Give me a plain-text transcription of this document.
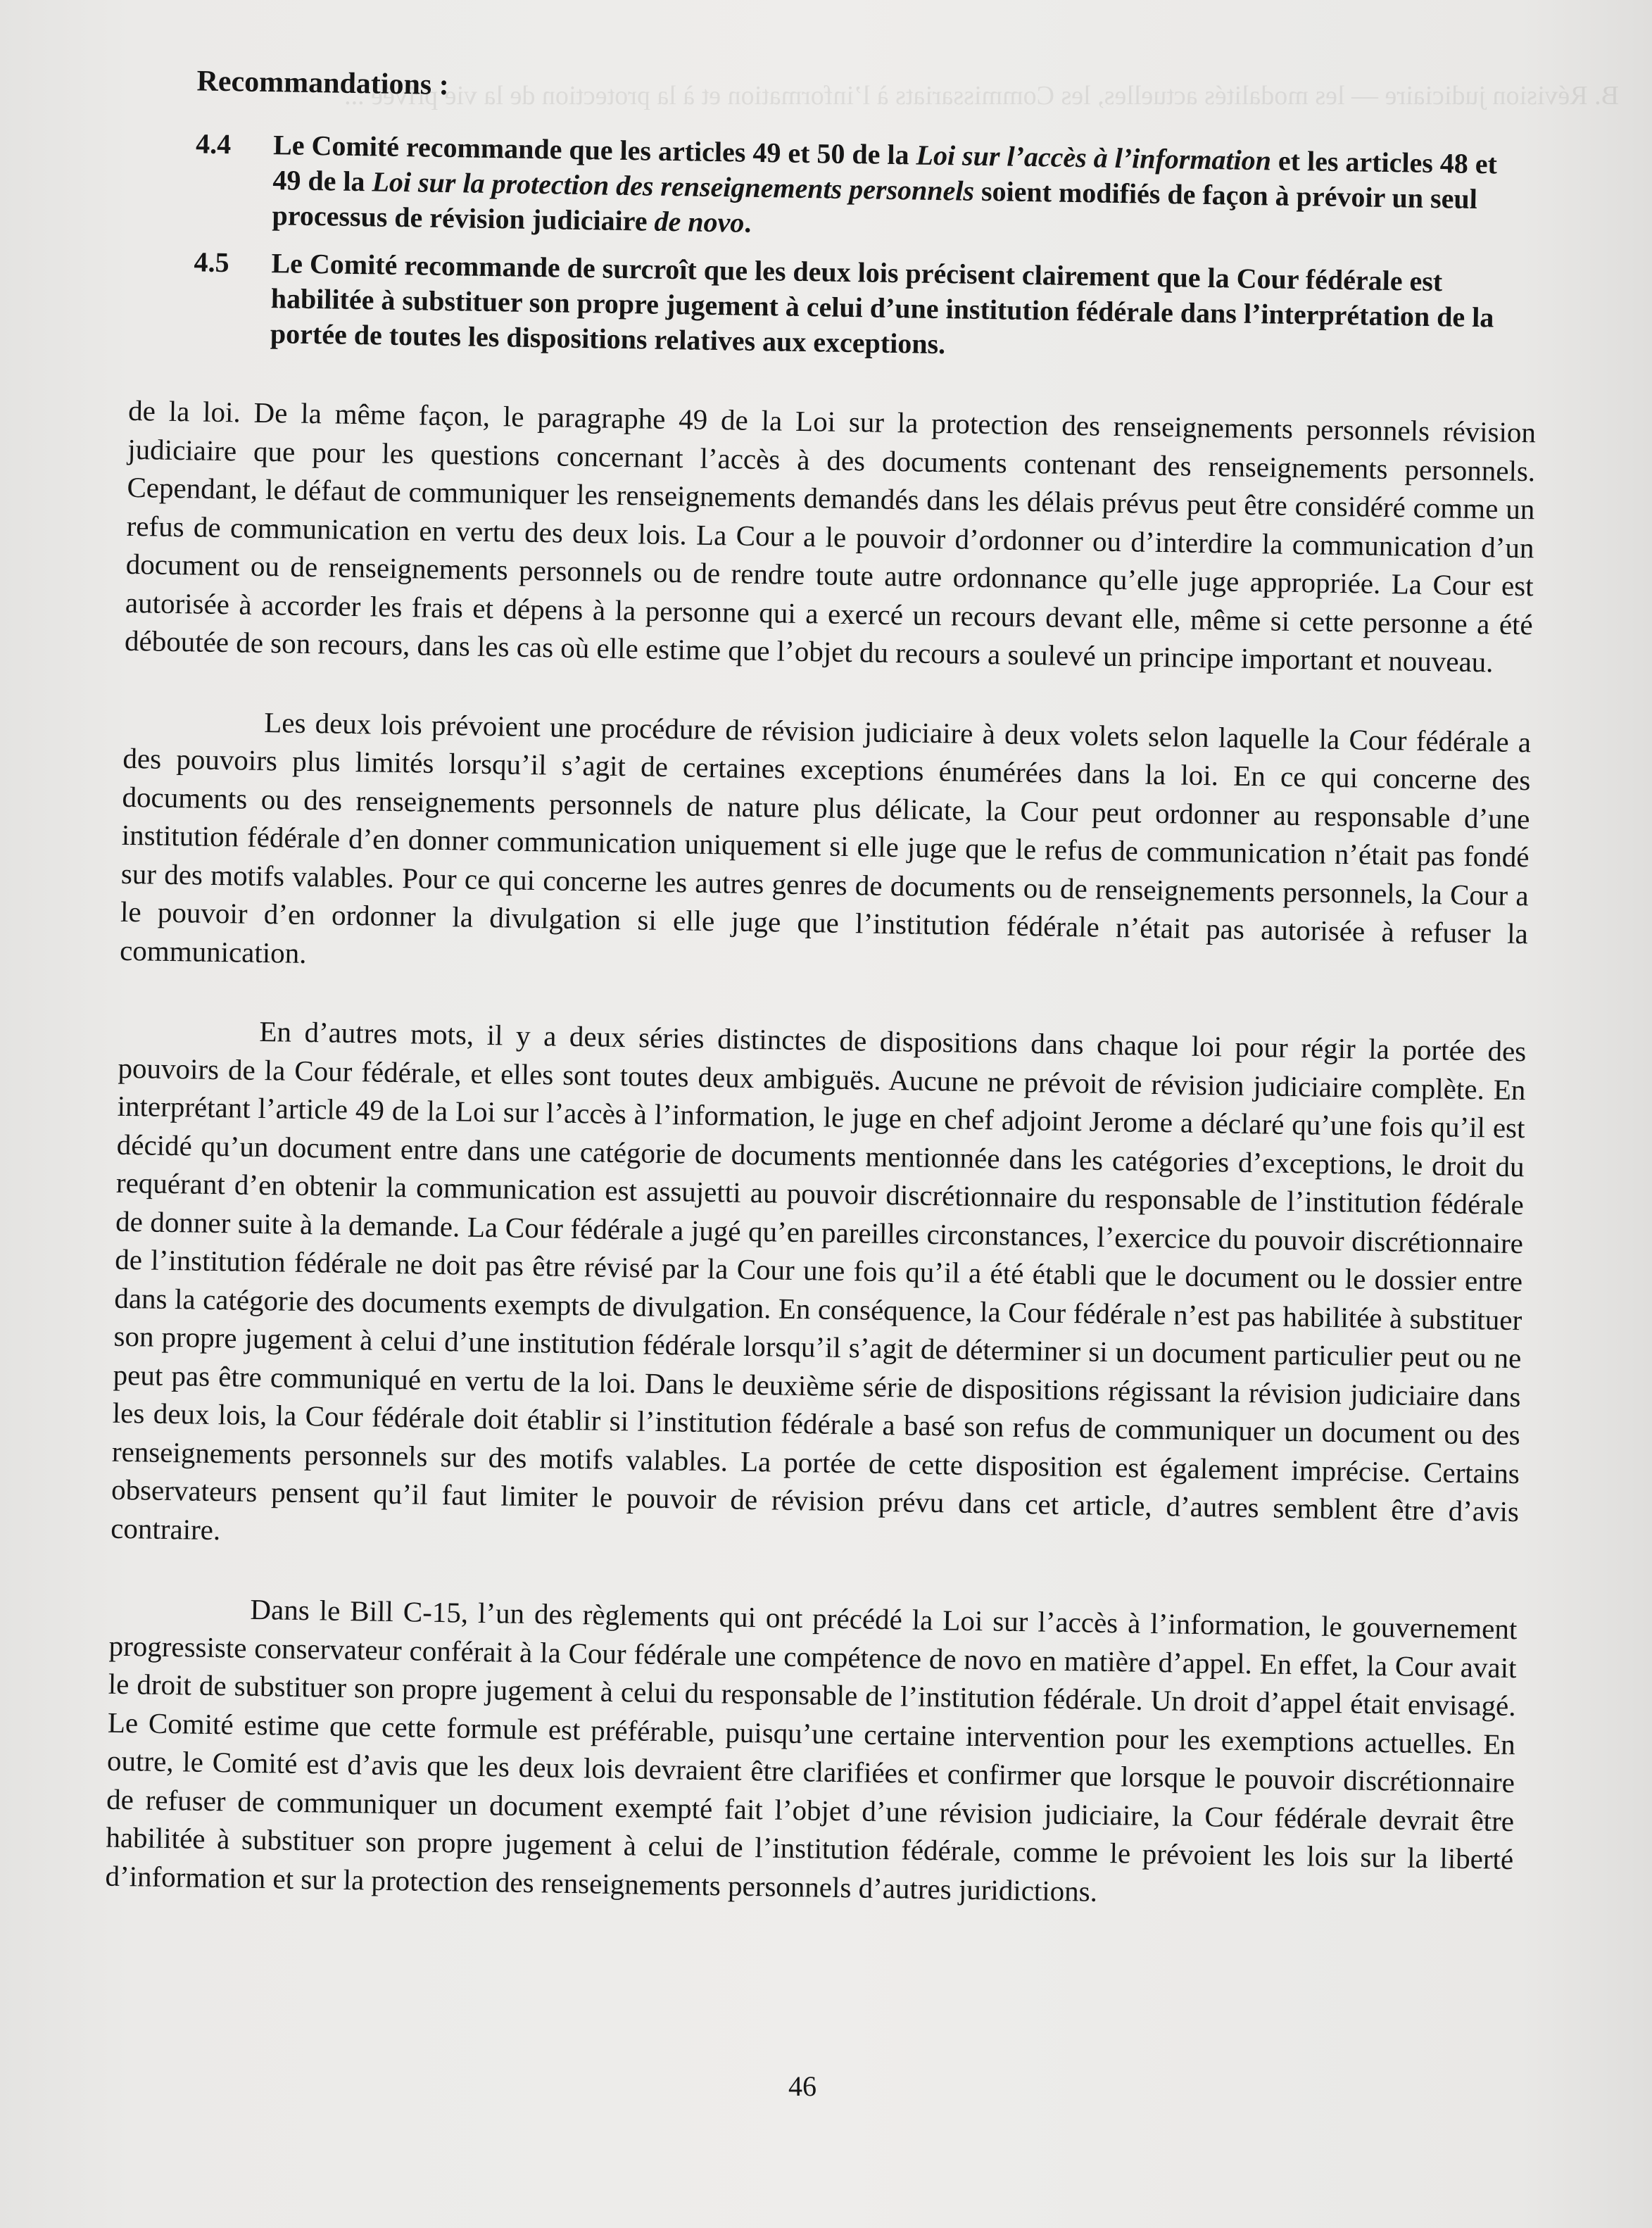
B. Révision judiciaire — les modalités actuelles, les Commissariats à l’information et à la protection de la vie privée ...
Recommandations :
4.4	Le Comité recommande que les articles 49 et 50 de la Loi sur l’accès à l’information et les articles 48 et 49 de la Loi sur la protection des renseignements personnels soient modifiés de façon à prévoir un seul processus de révision judiciaire de novo.
4.5	Le Comité recommande de surcroît que les deux lois précisent clairement que la Cour fédérale est habilitée à substituer son propre jugement à celui d’une institution fédérale dans l’interprétation de la portée de toutes les dispositions relatives aux exceptions.

de la loi. De la même façon, le paragraphe 49 de la Loi sur la protection des renseignements personnels révision judiciaire que pour les questions concernant l’accès à des documents contenant des renseignements personnels. Cependant, le défaut de communiquer les renseignements demandés dans les délais prévus peut être considéré comme un refus de communication en vertu des deux lois. La Cour a le pouvoir d’ordonner ou d’interdire la communication d’un document ou de renseignements personnels ou de rendre toute autre ordonnance qu’elle juge appropriée. La Cour est autorisée à accorder les frais et dépens à la personne qui a exercé un recours devant elle, même si cette personne a été déboutée de son recours, dans les cas où elle estime que l’objet du recours a soulevé un principe important et nouveau.

Les deux lois prévoient une procédure de révision judiciaire à deux volets selon laquelle la Cour fédérale a des pouvoirs plus limités lorsqu’il s’agit de certaines exceptions énumérées dans la loi. En ce qui concerne des documents ou des renseignements personnels de nature plus délicate, la Cour peut ordonner au responsable d’une institution fédérale d’en donner communication uniquement si elle juge que le refus de communication n’était pas fondé sur des motifs valables. Pour ce qui concerne les autres genres de documents ou de renseignements personnels, la Cour a le pouvoir d’en ordonner la divulgation si elle juge que l’institution fédérale n’était pas autorisée à refuser la communication.

En d’autres mots, il y a deux séries distinctes de dispositions dans chaque loi pour régir la portée des pouvoirs de la Cour fédérale, et elles sont toutes deux ambiguës. Aucune ne prévoit de révision judiciaire complète. En interprétant l’article 49 de la Loi sur l’accès à l’information, le juge en chef adjoint Jerome a déclaré qu’une fois qu’il est décidé qu’un document entre dans une catégorie de documents mentionnée dans les catégories d’exceptions, le droit du requérant d’en obtenir la communication est assujetti au pouvoir discrétionnaire du responsable de l’institution fédérale de donner suite à la demande. La Cour fédérale a jugé qu’en pareilles circonstances, l’exercice du pouvoir discrétionnaire de l’institution fédérale ne doit pas être révisé par la Cour une fois qu’il a été établi que le document ou le dossier entre dans la catégorie des documents exempts de divulgation. En conséquence, la Cour fédérale n’est pas habilitée à substituer son propre jugement à celui d’une institution fédérale lorsqu’il s’agit de déterminer si un document particulier peut ou ne peut pas être communiqué en vertu de la loi. Dans le deuxième série de dispositions régissant la révision judiciaire dans les deux lois, la Cour fédérale doit établir si l’institution fédérale a basé son refus de communiquer un document ou des renseignements personnels sur des motifs valables. La portée de cette disposition est également imprécise. Certains observateurs pensent qu’il faut limiter le pouvoir de révision prévu dans cet article, d’autres semblent être d’avis contraire.

Dans le Bill C-15, l’un des règlements qui ont précédé la Loi sur l’accès à l’information, le gouvernement progressiste conservateur conférait à la Cour fédérale une compétence de novo en matière d’appel. En effet, la Cour avait le droit de substituer son propre jugement à celui du responsable de l’institution fédérale. Un droit d’appel était envisagé. Le Comité estime que cette formule est préférable, puisqu’une certaine intervention pour les exemptions actuelles. En outre, le Comité est d’avis que les deux lois devraient être clarifiées et confirmer que lorsque le pouvoir discrétionnaire de refuser de communiquer un document exempté fait l’objet d’une révision judiciaire, la Cour fédérale devrait être habilitée à substituer son propre jugement à celui de l’institution fédérale, comme le prévoient les lois sur la liberté d’information et sur la protection des renseignements personnels d’autres juridictions.

46
